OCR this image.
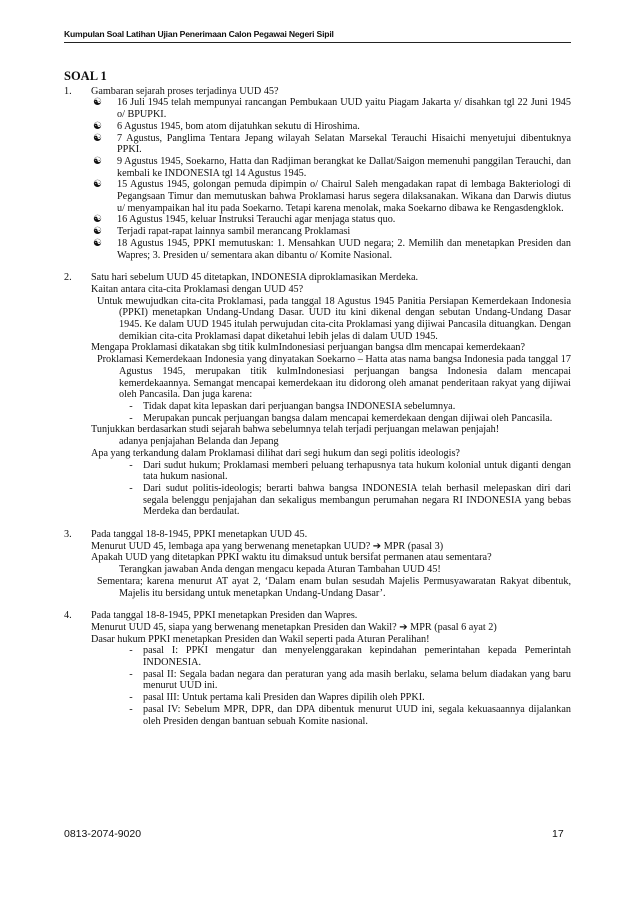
Kumpulan Soal Latihan Ujian Penerimaan Calon Pegawai Negeri Sipil
SOAL 1
1.	Gambaran sejarah proses terjadinya UUD 45?
☯	16 Juli 1945 telah mempunyai rancangan Pembukaan UUD yaitu Piagam Jakarta y/ disahkan tgl 22 Juni 1945 o/ BPUPKI.
☯	6 Agustus 1945, bom atom dijatuhkan sekutu di Hiroshima.
☯	7 Agustus, Panglima Tentara Jepang wilayah Selatan Marsekal Terauchi Hisaichi menyetujui dibentuknya PPKI.
☯	9 Agustus 1945, Soekarno, Hatta dan Radjiman berangkat ke Dallat/Saigon memenuhi panggilan Terauchi, dan kembali ke INDONESIA tgl 14 Agustus 1945.
☯	15 Agustus 1945, golongan pemuda dipimpin o/ Chairul Saleh mengadakan rapat di lembaga Bakteriologi di Pegangsaan Timur dan memutuskan bahwa Proklamasi harus segera dilaksanakan. Wikana dan Darwis diutus u/ menyampaikan hal itu pada Soekarno. Tetapi karena menolak, maka Soekarno dibawa ke Rengasdengklok.
☯	16 Agustus 1945, keluar Instruksi Terauchi agar menjaga status quo.
☯	Terjadi rapat-rapat lainnya sambil merancang Proklamasi
☯	18 Agustus 1945, PPKI memutuskan: 1. Mensahkan UUD negara; 2. Memilih dan menetapkan Presiden dan Wapres; 3. Presiden u/ sementara akan dibantu o/ Komite Nasional.
2.	Satu hari sebelum UUD 45 ditetapkan, INDONESIA diproklamasikan Merdeka.
Kaitan antara cita-cita Proklamasi dengan UUD 45?
Untuk mewujudkan cita-cita Proklamasi, pada tanggal 18 Agustus 1945 Panitia Persiapan Kemerdekaan Indonesia (PPKI) menetapkan Undang-Undang Dasar. UUD itu kini dikenal dengan sebutan Undang-Undang Dasar 1945. Ke dalam UUD 1945 itulah perwujudan cita-cita Proklamasi yang dijiwai Pancasila dituangkan. Dengan demikian cita-cita Proklamasi dapat diketahui lebih jelas di dalam UUD 1945.
Mengapa Proklamasi dikatakan sbg titik kulmIndonesiasi perjuangan bangsa dlm mencapai kemerdekaan?
Proklamasi Kemerdekaan Indonesia yang dinyatakan Soekarno – Hatta atas nama bangsa Indonesia pada tanggal 17 Agustus 1945, merupakan titik kulmIndonesiasi perjuangan bangsa Indonesia dalam mencapai kemerdekaannya. Semangat mencapai kemerdekaan itu didorong oleh amanat penderitaan rakyat yang dijiwai oleh Pancasila. Dan juga karena:
-	Tidak dapat kita lepaskan dari perjuangan bangsa INDONESIA sebelumnya.
-	Merupakan puncak perjuangan bangsa dalam mencapai kemerdekaan dengan dijiwai oleh Pancasila.
Tunjukkan berdasarkan studi sejarah bahwa sebelumnya telah terjadi perjuangan melawan penjajah!
adanya penjajahan Belanda dan Jepang
Apa yang terkandung dalam Proklamasi dilihat dari segi hukum dan segi politis ideologis?
-	Dari sudut hukum; Proklamasi memberi peluang terhapusnya tata hukum kolonial untuk diganti dengan tata hukum nasional.
-	Dari sudut politis-ideologis; berarti bahwa bangsa INDONESIA telah berhasil melepaskan diri dari segala belenggu penjajahan dan sekaligus membangun perumahan negara RI INDONESIA yang bebas Merdeka dan berdaulat.
3.	Pada tanggal 18-8-1945, PPKI menetapkan UUD 45.
Menurut UUD 45, lembaga apa yang berwenang menetapkan UUD? ➔ MPR (pasal 3)
Apakah UUD yang ditetapkan PPKI waktu itu dimaksud untuk bersifat permanen atau sementara?
Terangkan jawaban Anda dengan mengacu kepada Aturan Tambahan UUD 45!
Sementara; karena menurut AT ayat 2, ‘Dalam enam bulan sesudah Majelis Permusyawaratan Rakyat dibentuk, Majelis itu bersidang untuk menetapkan Undang-Undang Dasar’.
4.	Pada tanggal 18-8-1945, PPKI menetapkan Presiden dan Wapres.
Menurut UUD 45, siapa yang berwenang menetapkan Presiden dan Wakil? ➔ MPR (pasal 6 ayat 2)
Dasar hukum PPKI menetapkan Presiden dan Wakil seperti pada Aturan Peralihan!
-	pasal I: PPKI mengatur dan menyelenggarakan kepindahan pemerintahan kepada Pemerintah INDONESIA.
-	pasal II: Segala badan negara dan peraturan yang ada masih berlaku, selama belum diadakan yang baru menurut UUD ini.
-	pasal III: Untuk pertama kali Presiden dan Wapres dipilih oleh PPKI.
-	pasal IV: Sebelum MPR, DPR, dan DPA dibentuk menurut UUD ini, segala kekuasaannya dijalankan oleh Presiden dengan bantuan sebuah Komite nasional.
0813-2074-9020	17
